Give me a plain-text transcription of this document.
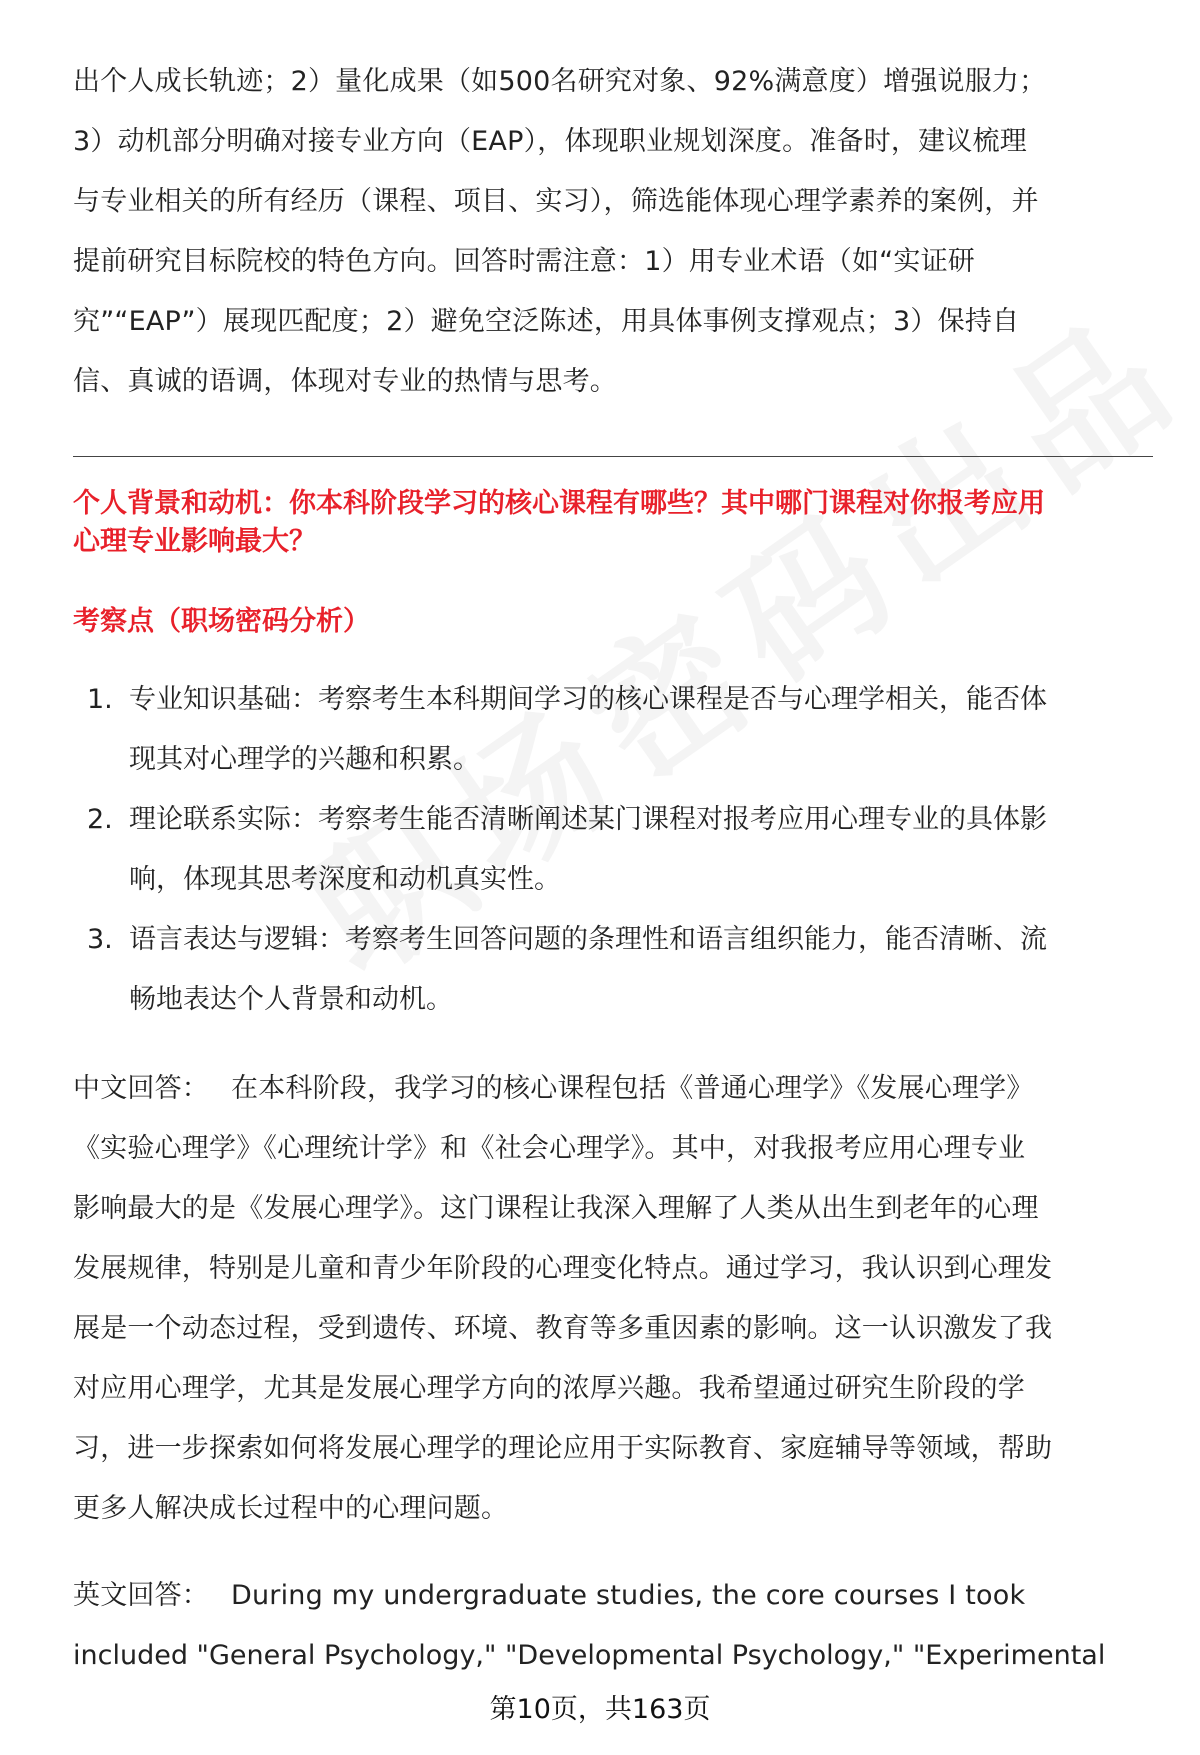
出个人成长轨迹；2）量化成果（如500名研究对象、92%满意度）增强说服力；

3）动机部分明确对接专业方向（EAP），体现职业规划深度。准备时，建议梳理

与专业相关的所有经历（课程、项目、实习），筛选能体现心理学素养的案例，并

提前研究目标院校的特色方向。回答时需注意：1）用专业术语（如“实证研

究”“EAP”）展现匹配度；2）避免空泛陈述，用具体事例支撑观点；3）保持自

信、真诚的语调，体现对专业的热情与思考。

个人背景和动机：你本科阶段学习的核心课程有哪些？其中哪门课程对你报考应用
心理专业影响最大？
考察点（职场密码分析）
1. 专业知识基础：考察考生本科期间学习的核心课程是否与心理学相关，能否体
现其对心理学的兴趣和积累。
2. 理论联系实际：考察考生能否清晰阐述某门课程对报考应用心理专业的具体影
响，体现其思考深度和动机真实性。
3. 语言表达与逻辑：考察考生回答问题的条理性和语言组织能力，能否清晰、流
畅地表达个人背景和动机。

中文回答： 在本科阶段，我学习的核心课程包括《普通心理学》《发展心理学》

《实验心理学》《心理统计学》和《社会心理学》。其中，对我报考应用心理专业

影响最大的是《发展心理学》。这门课程让我深入理解了人类从出生到老年的心理

发展规律，特别是儿童和青少年阶段的心理变化特点。通过学习，我认识到心理发

展是一个动态过程，受到遗传、环境、教育等多重因素的影响。这一认识激发了我

对应用心理学，尤其是发展心理学方向的浓厚兴趣。我希望通过研究生阶段的学

习，进一步探索如何将发展心理学的理论应用于实际教育、家庭辅导等领域，帮助

更多人解决成长过程中的心理问题。

英文回答： During my undergraduate studies, the core courses I took

included "General Psychology," "Developmental Psychology," "Experimental

第10页，共163页
